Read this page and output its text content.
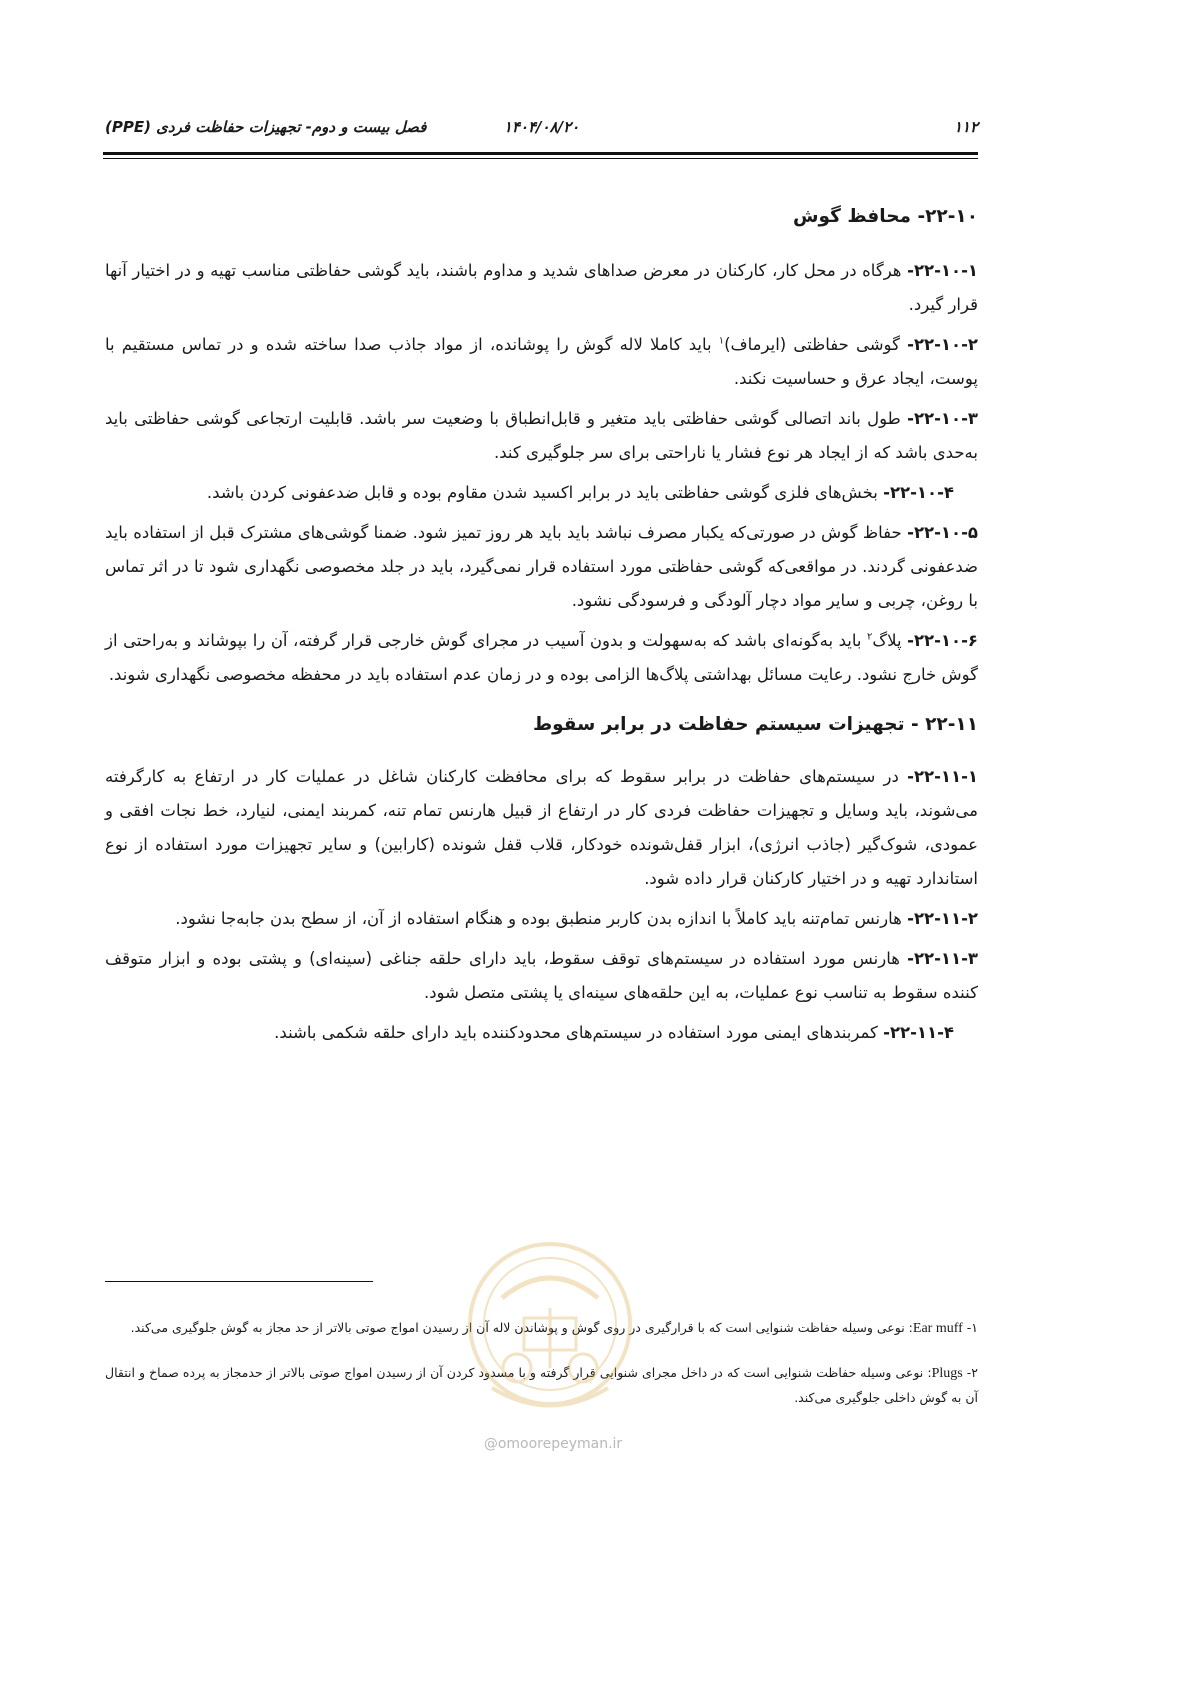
۱۱۲
۱۴۰۴/۰۸/۲۰
فصل بیست و دوم- تجهیزات حفاظت فردی (PPE)
۲۲-۱۰- محافظ گوش

۲۲-۱۰-۱- هرگاه در محل کار، کارکنان در معرض صداهای شدید و مداوم باشند، باید گوشی حفاظتی مناسب تهیه و در اختیار آنها قرار گیرد.

۲۲-۱۰-۲- گوشی حفاظتی (ایرماف)$^۱$ باید کاملا لاله گوش را پوشانده، از مواد جاذب صدا ساخته شده و در تماس مستقیم با پوست، ایجاد عرق و حساسیت نکند.

۲۲-۱۰-۳- طول باند اتصالی گوشی حفاظتی باید متغیر و قابل‌انطباق با وضعیت سر باشد. قابلیت ارتجاعی گوشی حفاظتی باید به‌حدی باشد که از ایجاد هر نوع فشار یا ناراحتی برای سر جلوگیری کند.

۲۲-۱۰-۴- بخش‌های فلزی گوشی حفاظتی باید در برابر اکسید شدن مقاوم بوده و قابل ضدعفونی کردن باشد.

۲۲-۱۰-۵- حفاظ گوش در صورتی‌که یکبار مصرف نباشد باید باید هر روز تمیز شود. ضمنا گوشی‌های مشترک قبل از استفاده باید ضدعفونی گردند. در مواقعی‌که گوشی حفاظتی مورد استفاده قرار نمی‌گیرد، باید در جلد مخصوصی نگهداری شود تا در اثر تماس با روغن، چربی و سایر مواد دچار آلودگی و فرسودگی نشود.

۲۲-۱۰-۶- پلاگ$^۲$ باید به‌گونه‌ای باشد که به‌سهولت و بدون آسیب در مجرای گوش خارجی قرار گرفته، آن را بپوشاند و به‌راحتی از گوش خارج نشود. رعایت مسائل بهداشتی پلاگ‌ها الزامی بوده و در زمان عدم استفاده باید در محفظه مخصوصی نگهداری شوند.

۲۲-۱۱ - تجهیزات سیستم حفاظت در برابر سقوط

۲۲-۱۱-۱- در سیستم‌های حفاظت در برابر سقوط که برای محافظت کارکنان شاغل در عملیات کار در ارتفاع به کارگرفته می‌شوند، باید وسایل و تجهیزات حفاظت فردی کار در ارتفاع از قبیل هارنس تمام تنه، کمربند ایمنی، لنیارد، خط نجات افقی و عمودی، شوک‌گیر (جاذب انرژی)، ابزار قفل‌شونده خودکار، قلاب قفل شونده (کارابین) و سایر تجهیزات مورد استفاده از نوع استاندارد تهیه و در اختیار کارکنان قرار داده شود.

۲۲-۱۱-۲- هارنس تمام‌تنه باید کاملاً با اندازه بدن کاربر منطبق بوده و هنگام استفاده از آن، از سطح بدن جابه‌جا نشود.

۲۲-۱۱-۳- هارنس مورد استفاده در سیستم‌های توقف سقوط، باید دارای حلقه جناغی (سینه‌ای) و پشتی بوده و ابزار متوقف کننده سقوط به تناسب نوع عملیات، به این حلقه‌های سینه‌ای یا پشتی متصل شود.

۲۲-۱۱-۴- کمربندهای ایمنی مورد استفاده در سیستم‌های محدودکننده باید دارای حلقه شکمی باشند.

۱- Ear muff: نوعی وسیله حفاظت شنوایی است که با قرارگیری در روی گوش و پوشاندن لاله آن از رسیدن امواج صوتی بالاتر از حد مجاز به گوش جلوگیری می‌کند.

۲- Plugs: نوعی وسیله حفاظت شنوایی است که در داخل مجرای شنوایی قرار گرفته و با مسدود کردن آن از رسیدن امواج صوتی بالاتر از حدمجاز به پرده صماخ و انتقال آن به گوش داخلی جلوگیری می‌کند.

@omoorepeyman.ir
